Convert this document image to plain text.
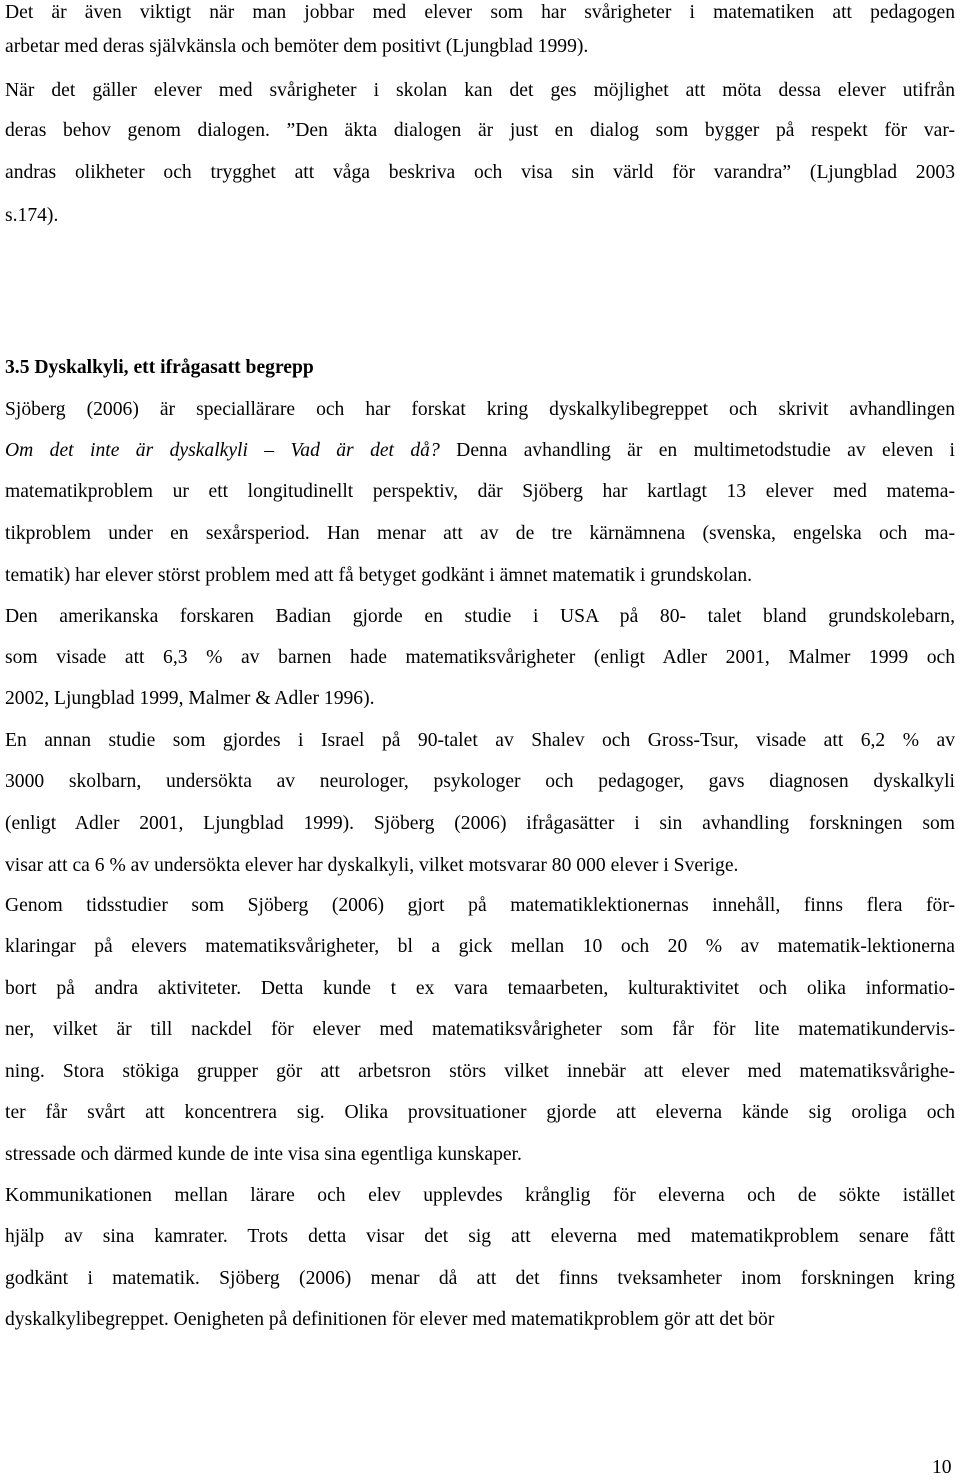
Det är även viktigt när man jobbar med elever som har svårigheter i matematiken att pedagogen

arbetar med deras självkänsla och bemöter dem positivt (Ljungblad 1999).

När det gäller elever med svårigheter i skolan kan det ges möjlighet att möta dessa elever utifrån

deras behov genom dialogen. ”Den äkta dialogen är just en dialog som bygger på respekt för var-

andras olikheter och trygghet att våga beskriva och visa sin värld för varandra” (Ljungblad 2003

s.174).

3.5 Dyskalkyli, ett ifrågasatt begrepp

Sjöberg (2006) är speciallärare och har forskat kring dyskalkylibegreppet och skrivit avhandlingen

Om det inte är dyskalkyli – Vad är det då? Denna avhandling är en multimetodstudie av eleven i

matematikproblem ur ett longitudinellt perspektiv, där Sjöberg har kartlagt 13 elever med matema-

tikproblem under en sexårsperiod. Han menar att av de tre kärnämnena (svenska, engelska och ma-

tematik) har elever störst problem med att få betyget godkänt i ämnet matematik i grundskolan.

Den amerikanska forskaren Badian gjorde en studie i USA på 80- talet bland grundskolebarn,

som visade att 6,3 % av barnen hade matematiksvårigheter (enligt Adler 2001, Malmer 1999 och

2002, Ljungblad 1999, Malmer & Adler 1996).

En annan studie som gjordes i Israel på 90-talet av Shalev och Gross-Tsur, visade att 6,2 % av

3000 skolbarn, undersökta av neurologer, psykologer och pedagoger, gavs diagnosen dyskalkyli

(enligt Adler 2001, Ljungblad 1999). Sjöberg (2006) ifrågasätter i sin avhandling forskningen som

visar att ca 6 % av undersökta elever har dyskalkyli, vilket motsvarar 80 000 elever i Sverige.

Genom tidsstudier som Sjöberg (2006) gjort på matematiklektionernas innehåll, finns flera för-

klaringar på elevers matematiksvårigheter, bl a gick mellan 10 och 20 % av matematik-lektionerna

bort på andra aktiviteter. Detta kunde t ex vara temaarbeten, kulturaktivitet och olika informatio-

ner, vilket är till nackdel för elever med matematiksvårigheter som får för lite matematikundervis-

ning. Stora stökiga grupper gör att arbetsron störs vilket innebär att elever med matematiksvårighe-

ter får svårt att koncentrera sig. Olika provsituationer gjorde att eleverna kände sig oroliga och

stressade och därmed kunde de inte visa sina egentliga kunskaper.

Kommunikationen mellan lärare och elev upplevdes krånglig för eleverna och de sökte istället

hjälp av sina kamrater. Trots detta visar det sig att eleverna med matematikproblem senare fått

godkänt i matematik. Sjöberg (2006) menar då att det finns tveksamheter inom forskningen kring

dyskalkylibegreppet. Oenigheten på definitionen för elever med matematikproblem gör att det bör

10
